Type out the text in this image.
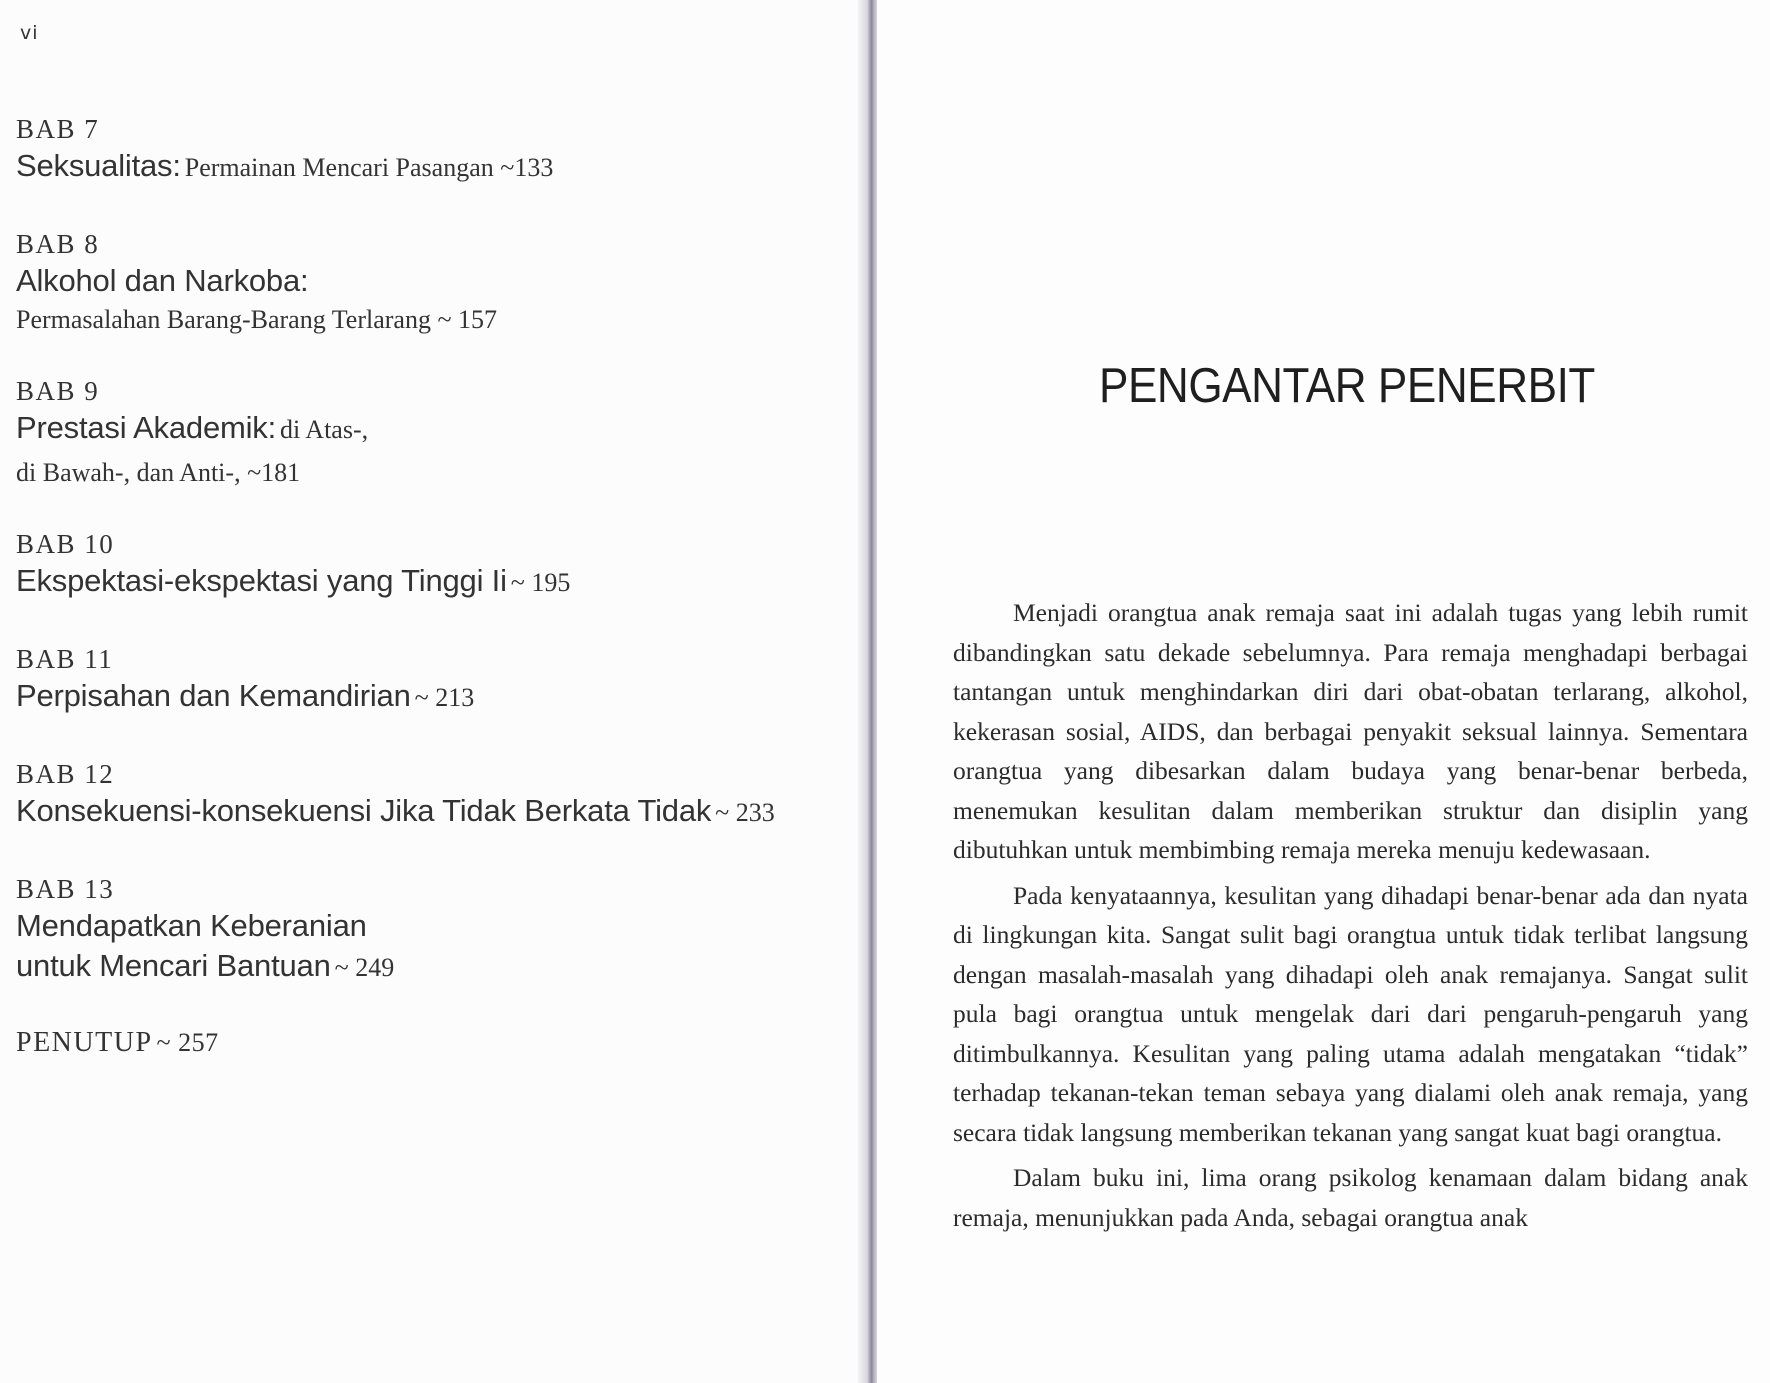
vi
BAB 7
Seksualitas: Permainan Mencari Pasangan ~133
BAB 8
Alkohol dan Narkoba:
Permasalahan Barang-Barang Terlarang ~ 157
BAB 9
Prestasi Akademik: di Atas-,
di Bawah-, dan Anti-, ~181
BAB 10
Ekspektasi-ekspektasi yang Tinggi Ii ~ 195
BAB 11
Perpisahan dan Kemandirian ~ 213
BAB 12
Konsekuensi-konsekuensi Jika Tidak Berkata Tidak ~ 233
BAB 13
Mendapatkan Keberanian
untuk Mencari Bantuan ~ 249
PENUTUP ~ 257
PENGANTAR PENERBIT

Menjadi orangtua anak remaja saat ini adalah tugas yang lebih rumit dibandingkan satu dekade sebelumnya. Para remaja menghadapi berbagai tantangan untuk menghindarkan diri dari obat-obatan terlarang, alkohol, kekerasan sosial, AIDS, dan berbagai penyakit seksual lainnya. Sementara orangtua yang dibesarkan dalam budaya yang benar-benar berbeda, menemukan kesulitan dalam memberikan struktur dan disiplin yang dibutuhkan untuk membimbing remaja mereka menuju kedewasaan.

Pada kenyataannya, kesulitan yang dihadapi benar-benar ada dan nyata di lingkungan kita. Sangat sulit bagi orangtua untuk tidak terlibat langsung dengan masalah-masalah yang dihadapi oleh anak remajanya. Sangat sulit pula bagi orangtua untuk mengelak dari dari pengaruh-pengaruh yang ditimbulkannya. Kesulitan yang paling utama adalah mengatakan “tidak” terhadap tekanan-tekan teman sebaya yang dialami oleh anak remaja, yang secara tidak langsung memberikan tekanan yang sangat kuat bagi orangtua.

Dalam buku ini, lima orang psikolog kenamaan dalam bidang anak remaja, menunjukkan pada Anda, sebagai orangtua anak
